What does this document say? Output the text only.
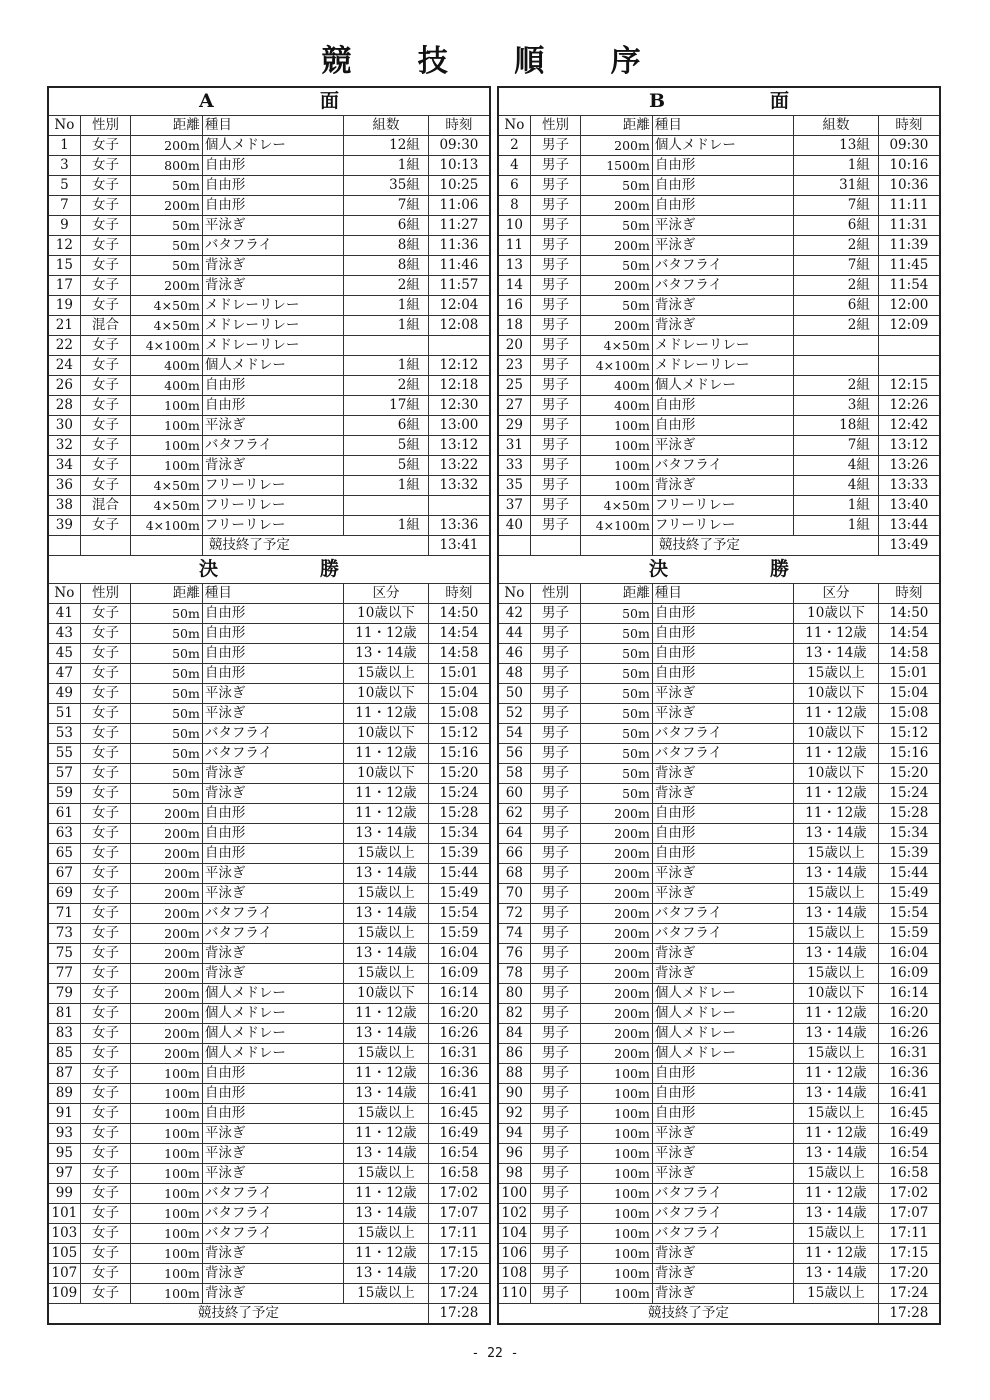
競 技 順 序
A 面					

No	性別	距離	種目	組数	時刻
1	女子	200m	個人メドレー	12組	09:30
3	女子	800m	自由形	1組	10:13
5	女子	50m	自由形	35組	10:25
7	女子	200m	自由形	7組	11:06
9	女子	50m	平泳ぎ	6組	11:27
12	女子	50m	バタフライ	8組	11:36
15	女子	50m	背泳ぎ	8組	11:46
17	女子	200m	背泳ぎ	2組	11:57
19	女子	4×50m	メドレーリレー	1組	12:04
21	混合	4×50m	メドレーリレー	1組	12:08
22	女子	4×100m	メドレーリレー		
24	女子	400m	個人メドレー	1組	12:12
26	女子	400m	自由形	2組	12:18
28	女子	100m	自由形	17組	12:30
30	女子	100m	平泳ぎ	6組	13:00
32	女子	100m	バタフライ	5組	13:12
34	女子	100m	背泳ぎ	5組	13:22
36	女子	4×50m	フリーリレー	1組	13:32
38	混合	4×50m	フリーリレー		
39	女子	4×100m	フリーリレー	1組	13:36
			競技終了予定		13:41

決 勝					

No	性別	距離	種目	区分	時刻
41	女子	50m	自由形	10歳以下	14:50
43	女子	50m	自由形	11・12歳	14:54
45	女子	50m	自由形	13・14歳	14:58
47	女子	50m	自由形	15歳以上	15:01
49	女子	50m	平泳ぎ	10歳以下	15:04
51	女子	50m	平泳ぎ	11・12歳	15:08
53	女子	50m	バタフライ	10歳以下	15:12
55	女子	50m	バタフライ	11・12歳	15:16
57	女子	50m	背泳ぎ	10歳以下	15:20
59	女子	50m	背泳ぎ	11・12歳	15:24
61	女子	200m	自由形	11・12歳	15:28
63	女子	200m	自由形	13・14歳	15:34
65	女子	200m	自由形	15歳以上	15:39
67	女子	200m	平泳ぎ	13・14歳	15:44
69	女子	200m	平泳ぎ	15歳以上	15:49
71	女子	200m	バタフライ	13・14歳	15:54
73	女子	200m	バタフライ	15歳以上	15:59
75	女子	200m	背泳ぎ	13・14歳	16:04
77	女子	200m	背泳ぎ	15歳以上	16:09
79	女子	200m	個人メドレー	10歳以下	16:14
81	女子	200m	個人メドレー	11・12歳	16:20
83	女子	200m	個人メドレー	13・14歳	16:26
85	女子	200m	個人メドレー	15歳以上	16:31
87	女子	100m	自由形	11・12歳	16:36
89	女子	100m	自由形	13・14歳	16:41
91	女子	100m	自由形	15歳以上	16:45
93	女子	100m	平泳ぎ	11・12歳	16:49
95	女子	100m	平泳ぎ	13・14歳	16:54
97	女子	100m	平泳ぎ	15歳以上	16:58
99	女子	100m	バタフライ	11・12歳	17:02
101	女子	100m	バタフライ	13・14歳	17:07
103	女子	100m	バタフライ	15歳以上	17:11
105	女子	100m	背泳ぎ	11・12歳	17:15
107	女子	100m	背泳ぎ	13・14歳	17:20
109	女子	100m	背泳ぎ	15歳以上	17:24
競技終了予定					17:28
B 面					

No	性別	距離	種目	組数	時刻
2	男子	200m	個人メドレー	13組	09:30
4	男子	1500m	自由形	1組	10:16
6	男子	50m	自由形	31組	10:36
8	男子	200m	自由形	7組	11:11
10	男子	50m	平泳ぎ	6組	11:31
11	男子	200m	平泳ぎ	2組	11:39
13	男子	50m	バタフライ	7組	11:45
14	男子	200m	バタフライ	2組	11:54
16	男子	50m	背泳ぎ	6組	12:00
18	男子	200m	背泳ぎ	2組	12:09
20	男子	4×50m	メドレーリレー		
23	男子	4×100m	メドレーリレー		
25	男子	400m	個人メドレー	2組	12:15
27	男子	400m	自由形	3組	12:26
29	男子	100m	自由形	18組	12:42
31	男子	100m	平泳ぎ	7組	13:12
33	男子	100m	バタフライ	4組	13:26
35	男子	100m	背泳ぎ	4組	13:33
37	男子	4×50m	フリーリレー	1組	13:40
40	男子	4×100m	フリーリレー	1組	13:44
			競技終了予定		13:49

決 勝					

No	性別	距離	種目	区分	時刻
42	男子	50m	自由形	10歳以下	14:50
44	男子	50m	自由形	11・12歳	14:54
46	男子	50m	自由形	13・14歳	14:58
48	男子	50m	自由形	15歳以上	15:01
50	男子	50m	平泳ぎ	10歳以下	15:04
52	男子	50m	平泳ぎ	11・12歳	15:08
54	男子	50m	バタフライ	10歳以下	15:12
56	男子	50m	バタフライ	11・12歳	15:16
58	男子	50m	背泳ぎ	10歳以下	15:20
60	男子	50m	背泳ぎ	11・12歳	15:24
62	男子	200m	自由形	11・12歳	15:28
64	男子	200m	自由形	13・14歳	15:34
66	男子	200m	自由形	15歳以上	15:39
68	男子	200m	平泳ぎ	13・14歳	15:44
70	男子	200m	平泳ぎ	15歳以上	15:49
72	男子	200m	バタフライ	13・14歳	15:54
74	男子	200m	バタフライ	15歳以上	15:59
76	男子	200m	背泳ぎ	13・14歳	16:04
78	男子	200m	背泳ぎ	15歳以上	16:09
80	男子	200m	個人メドレー	10歳以下	16:14
82	男子	200m	個人メドレー	11・12歳	16:20
84	男子	200m	個人メドレー	13・14歳	16:26
86	男子	200m	個人メドレー	15歳以上	16:31
88	男子	100m	自由形	11・12歳	16:36
90	男子	100m	自由形	13・14歳	16:41
92	男子	100m	自由形	15歳以上	16:45
94	男子	100m	平泳ぎ	11・12歳	16:49
96	男子	100m	平泳ぎ	13・14歳	16:54
98	男子	100m	平泳ぎ	15歳以上	16:58
100	男子	100m	バタフライ	11・12歳	17:02
102	男子	100m	バタフライ	13・14歳	17:07
104	男子	100m	バタフライ	15歳以上	17:11
106	男子	100m	背泳ぎ	11・12歳	17:15
108	男子	100m	背泳ぎ	13・14歳	17:20
110	男子	100m	背泳ぎ	15歳以上	17:24
競技終了予定					17:28
- 22 -
